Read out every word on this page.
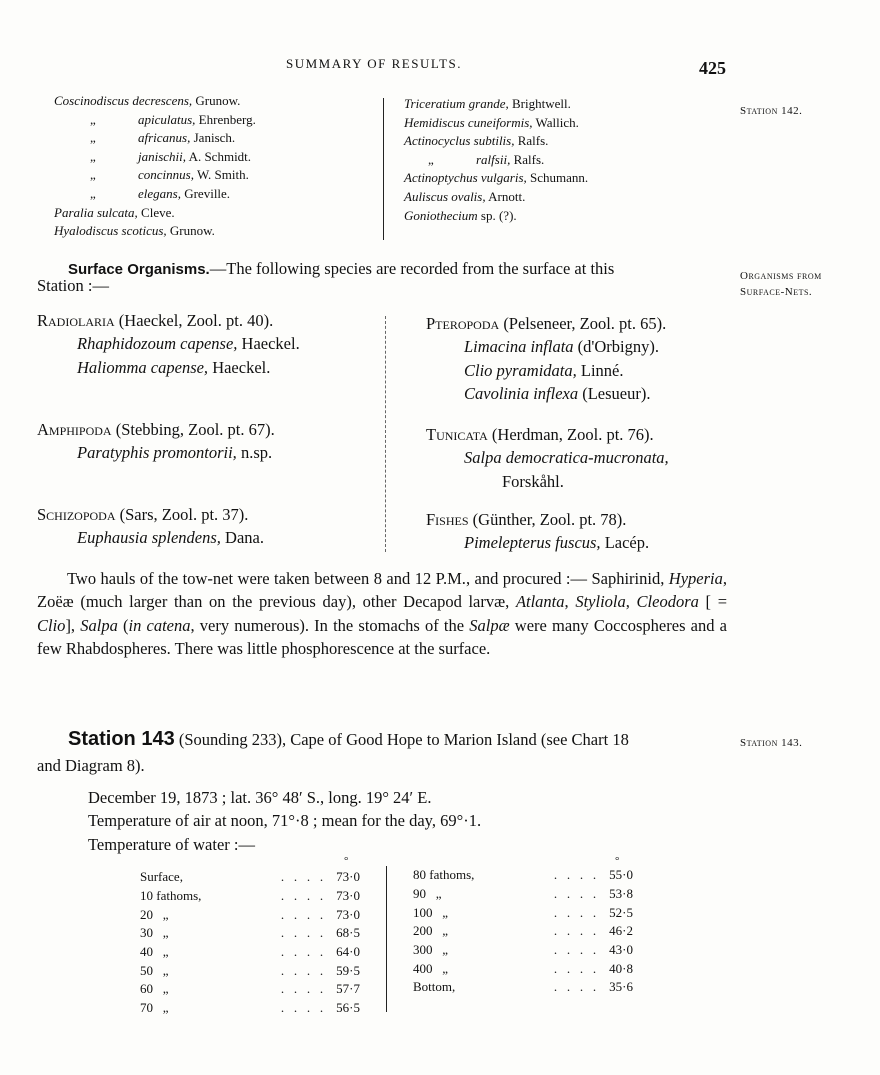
SUMMARY OF RESULTS.	425
Coscinodiscus decrescens, Grunow.
„	apiculatus, Ehrenberg.
„	africanus, Janisch.
„	janischii, A. Schmidt.
„	concinnus, W. Smith.
„	elegans, Greville.
Paralia sulcata, Cleve.
Hyalodiscus scoticus, Grunow.
Triceratium grande, Brightwell.
Hemidiscus cuneiformis, Wallich.
Actinocyclus subtilis, Ralfs.
„	ralfsii, Ralfs.
Actinoptychus vulgaris, Schumann.
Auliscus ovalis, Arnott.
Goniothecium sp. (?).
Station 142.
Organisms from
Surface-Nets.
Station 143.
Surface Organisms.—The following species are recorded from the surface at this
Station :—
Radiolaria (Haeckel, Zool. pt. 40).
Rhaphidozoum capense, Haeckel.
Haliomma capense, Haeckel.
Amphipoda (Stebbing, Zool. pt. 67).
Paratyphis promontorii, n.sp.
Schizopoda (Sars, Zool. pt. 37).
Euphausia splendens, Dana.
Pteropoda (Pelseneer, Zool. pt. 65).
Limacina inflata (d'Orbigny).
Clio pyramidata, Linné.
Cavolinia inflexa (Lesueur).
Tunicata (Herdman, Zool. pt. 76).
Salpa democratica-mucronata,
Forskåhl.
Fishes (Günther, Zool. pt. 78).
Pimelepterus fuscus, Lacép.
Two hauls of the tow-net were taken between 8 and 12 P.M., and procured :— Saphirinid, Hyperia, Zoëæ (much larger than on the previous day), other Decapod larvæ, Atlanta, Styliola, Cleodora [ = Clio], Salpa (in catena, very numerous). In the stomachs of the Salpæ were many Coccospheres and a few Rhabdospheres. There was little phosphorescence at the surface.
Station 143 (Sounding 233), Cape of Good Hope to Marion Island (see Chart 18
and Diagram 8).
December 19, 1873 ; lat. 36° 48′ S., long. 19° 24′ E.
Temperature of air at noon, 71°·8 ; mean for the day, 69°·1.
Temperature of water :—
°	°
Surface,	.   .   .   .	73·0
10 fathoms,	.   .   .   .	73·0
20   „	.   .   .   .	73·0
30   „	.   .   .   .	68·5
40   „	.   .   .   .	64·0
50   „	.   .   .   .	59·5
60   „	.   .   .   .	57·7
70   „	.   .   .   .	56·5
80 fathoms,	.   .   .   .	55·0
90   „	.   .   .   .	53·8
100   „	.   .   .   .	52·5
200   „	.   .   .   .	46·2
300   „	.   .   .   .	43·0
400   „	.   .   .   .	40·8
Bottom,	.   .   .   .	35·6
